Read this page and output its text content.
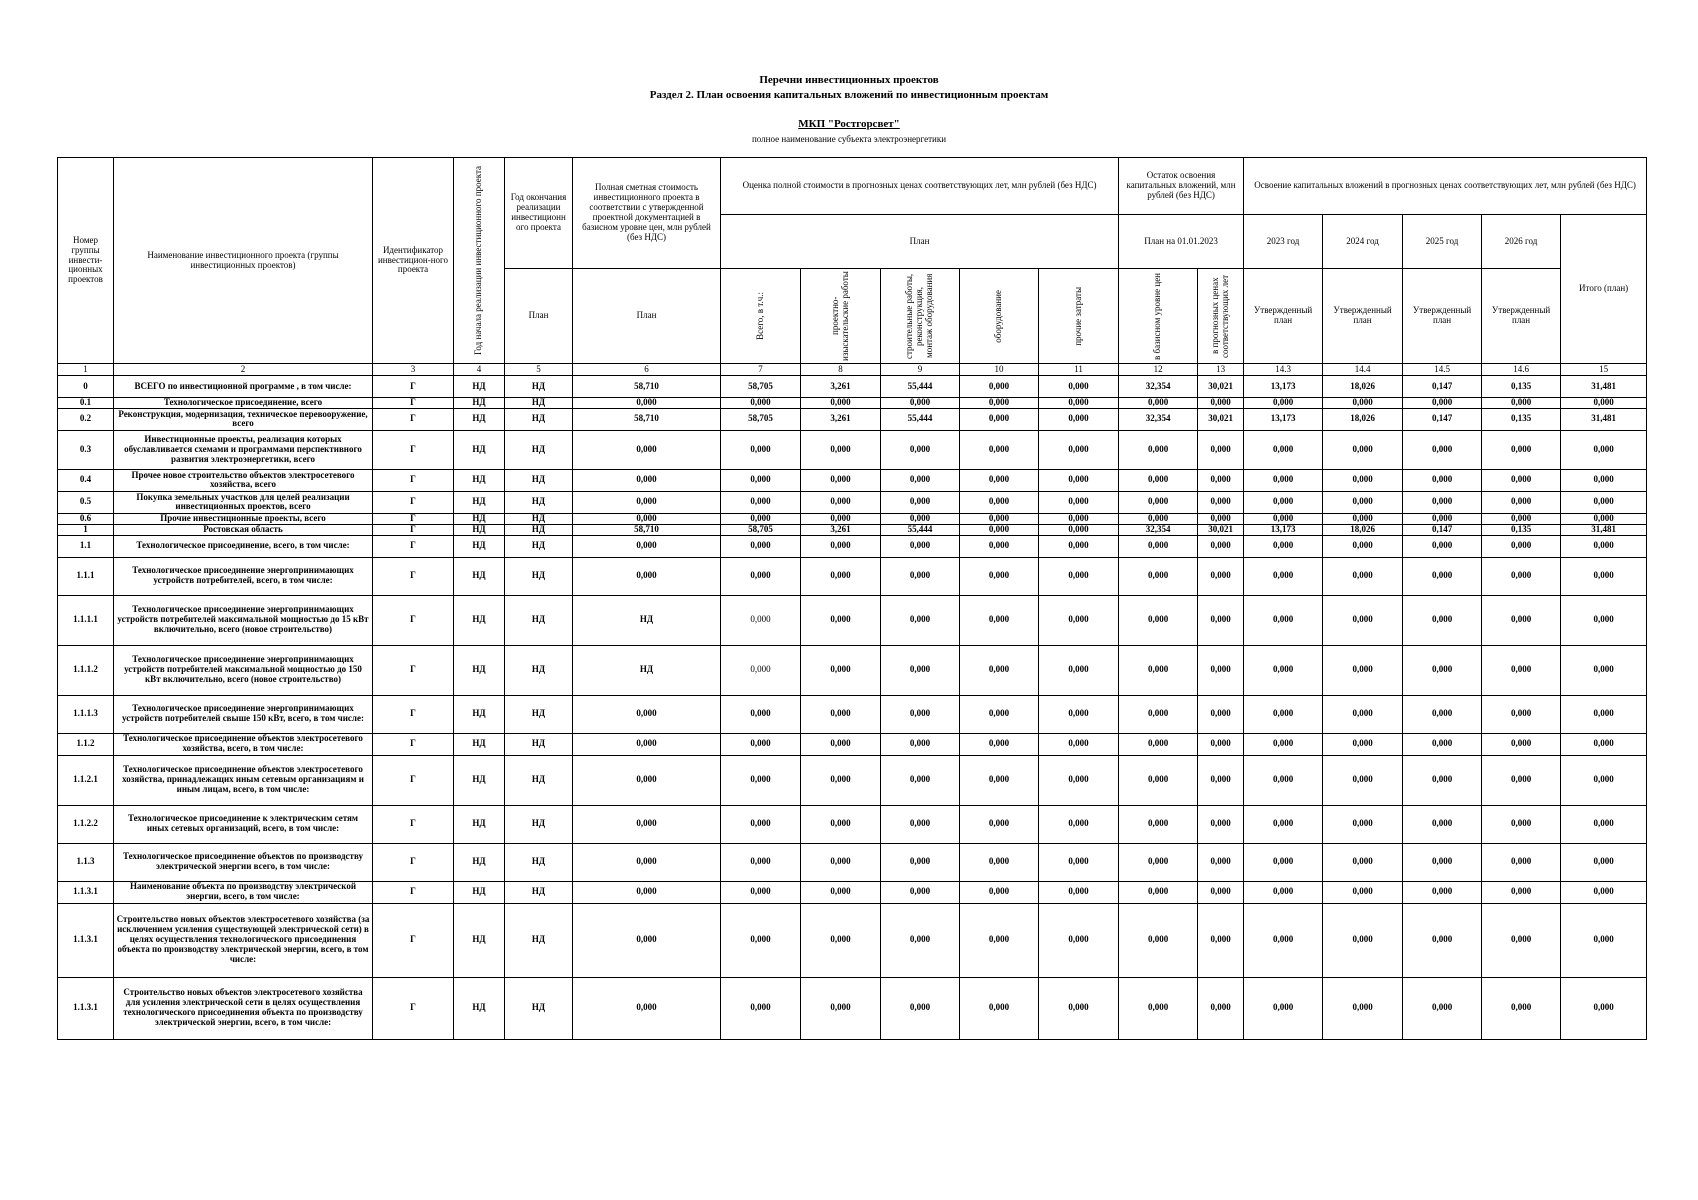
Перечни инвестиционных проектов
Раздел 2. План освоения капитальных вложений по инвестиционным проектам
МКП "Ростгорсвет"
полное наименование субъекта электроэнергетики
Номер группы инвести-ционных проектов	Наименование инвестиционного проекта (группы инвестиционных проектов)	Идентификатор инвестицион-ного проекта	Год начала реализации инвестиционного проекта	Год окончания реализации инвестиционн ого проекта	Полная сметная стоимость инвестиционного проекта в соответствии с утвержденной проектной документацией в базисном уровне цен, млн рублей (без НДС)	Оценка полной стоимости в прогнозных ценах соответствующих лет, млн рублей (без НДС)					Остаток освоения капитальных вложений, млн рублей (без НДС)		Освоение капитальных вложений в прогнозных ценах соответствующих лет, млн рублей (без НДС)				
						План					План на 01.01.2023		2023 год	2024 год	2025 год	2026 год	Итого (план)
				План	План	Всего, в т.ч.:	проектно-изыскательские работы	строительные работы, реконструкция, монтаж оборудования	оборудование	прочие затраты	в базисном уровне цен	в прогнозных ценах соответствующих лет	Утвержденный план	Утвержденный план	Утвержденный план	Утвержденный план	
1	2	3	4	5	6	7	8	9	10	11	12	13	14.3	14.4	14.5	14.6	15
0	ВСЕГО по инвестиционной программе , в том числе:	Г	НД	НД	58,710	58,705	3,261	55,444	0,000	0,000	32,354	30,021	13,173	18,026	0,147	0,135	31,481
0.1	Технологическое присоединение, всего	Г	НД	НД	0,000	0,000	0,000	0,000	0,000	0,000	0,000	0,000	0,000	0,000	0,000	0,000	0,000
0.2	Реконструкция, модернизация, техническое перевооружение, всего	Г	НД	НД	58,710	58,705	3,261	55,444	0,000	0,000	32,354	30,021	13,173	18,026	0,147	0,135	31,481
0.3	Инвестиционные проекты, реализация которых обуславливается схемами и программами перспективного развития электроэнергетики, всего	Г	НД	НД	0,000	0,000	0,000	0,000	0,000	0,000	0,000	0,000	0,000	0,000	0,000	0,000	0,000
0.4	Прочее новое строительство объектов электросетевого хозяйства, всего	Г	НД	НД	0,000	0,000	0,000	0,000	0,000	0,000	0,000	0,000	0,000	0,000	0,000	0,000	0,000
0.5	Покупка земельных участков для целей реализации инвестиционных проектов, всего	Г	НД	НД	0,000	0,000	0,000	0,000	0,000	0,000	0,000	0,000	0,000	0,000	0,000	0,000	0,000
0.6	Прочие инвестиционные проекты, всего	Г	НД	НД	0,000	0,000	0,000	0,000	0,000	0,000	0,000	0,000	0,000	0,000	0,000	0,000	0,000
1	Ростовская область	Г	НД	НД	58,710	58,705	3,261	55,444	0,000	0,000	32,354	30,021	13,173	18,026	0,147	0,135	31,481
1.1	Технологическое присоединение, всего, в том числе:	Г	НД	НД	0,000	0,000	0,000	0,000	0,000	0,000	0,000	0,000	0,000	0,000	0,000	0,000	0,000
1.1.1	Технологическое присоединение энергопринимающих устройств потребителей, всего, в том числе:	Г	НД	НД	0,000	0,000	0,000	0,000	0,000	0,000	0,000	0,000	0,000	0,000	0,000	0,000	0,000
1.1.1.1	Технологическое присоединение энергопринимающих устройств потребителей максимальной мощностью до 15 кВт включительно, всего (новое строительство)	Г	НД	НД	НД	0,000	0,000	0,000	0,000	0,000	0,000	0,000	0,000	0,000	0,000	0,000	0,000
1.1.1.2	Технологическое присоединение энергопринимающих устройств потребителей максимальной мощностью до 150 кВт включительно, всего (новое строительство)	Г	НД	НД	НД	0,000	0,000	0,000	0,000	0,000	0,000	0,000	0,000	0,000	0,000	0,000	0,000
1.1.1.3	Технологическое присоединение энергопринимающих устройств потребителей свыше 150 кВт, всего, в том числе:	Г	НД	НД	0,000	0,000	0,000	0,000	0,000	0,000	0,000	0,000	0,000	0,000	0,000	0,000	0,000
1.1.2	Технологическое присоединение объектов электросетевого хозяйства, всего, в том числе:	Г	НД	НД	0,000	0,000	0,000	0,000	0,000	0,000	0,000	0,000	0,000	0,000	0,000	0,000	0,000
1.1.2.1	Технологическое присоединение объектов электросетевого хозяйства, принадлежащих иным сетевым организациям и иным лицам, всего, в том числе:	Г	НД	НД	0,000	0,000	0,000	0,000	0,000	0,000	0,000	0,000	0,000	0,000	0,000	0,000	0,000
1.1.2.2	Технологическое присоединение к электрическим сетям иных сетевых организаций, всего, в том числе:	Г	НД	НД	0,000	0,000	0,000	0,000	0,000	0,000	0,000	0,000	0,000	0,000	0,000	0,000	0,000
1.1.3	Технологическое присоединение объектов по производству электрической энергии всего, в том числе:	Г	НД	НД	0,000	0,000	0,000	0,000	0,000	0,000	0,000	0,000	0,000	0,000	0,000	0,000	0,000
1.1.3.1	Наименование объекта по производству электрической энергии, всего, в том числе:	Г	НД	НД	0,000	0,000	0,000	0,000	0,000	0,000	0,000	0,000	0,000	0,000	0,000	0,000	0,000
1.1.3.1	Строительство новых объектов электросетевого хозяйства (за исключением усиления существующей электрической сети) в целях осуществления технологического присоединения объекта по производству электрической энергии, всего, в том числе:	Г	НД	НД	0,000	0,000	0,000	0,000	0,000	0,000	0,000	0,000	0,000	0,000	0,000	0,000	0,000
1.1.3.1	Строительство новых объектов электросетевого хозяйства для усиления электрической сети в целях осуществления технологического присоединения объекта по производству электрической энергии, всего, в том числе:	Г	НД	НД	0,000	0,000	0,000	0,000	0,000	0,000	0,000	0,000	0,000	0,000	0,000	0,000	0,000
